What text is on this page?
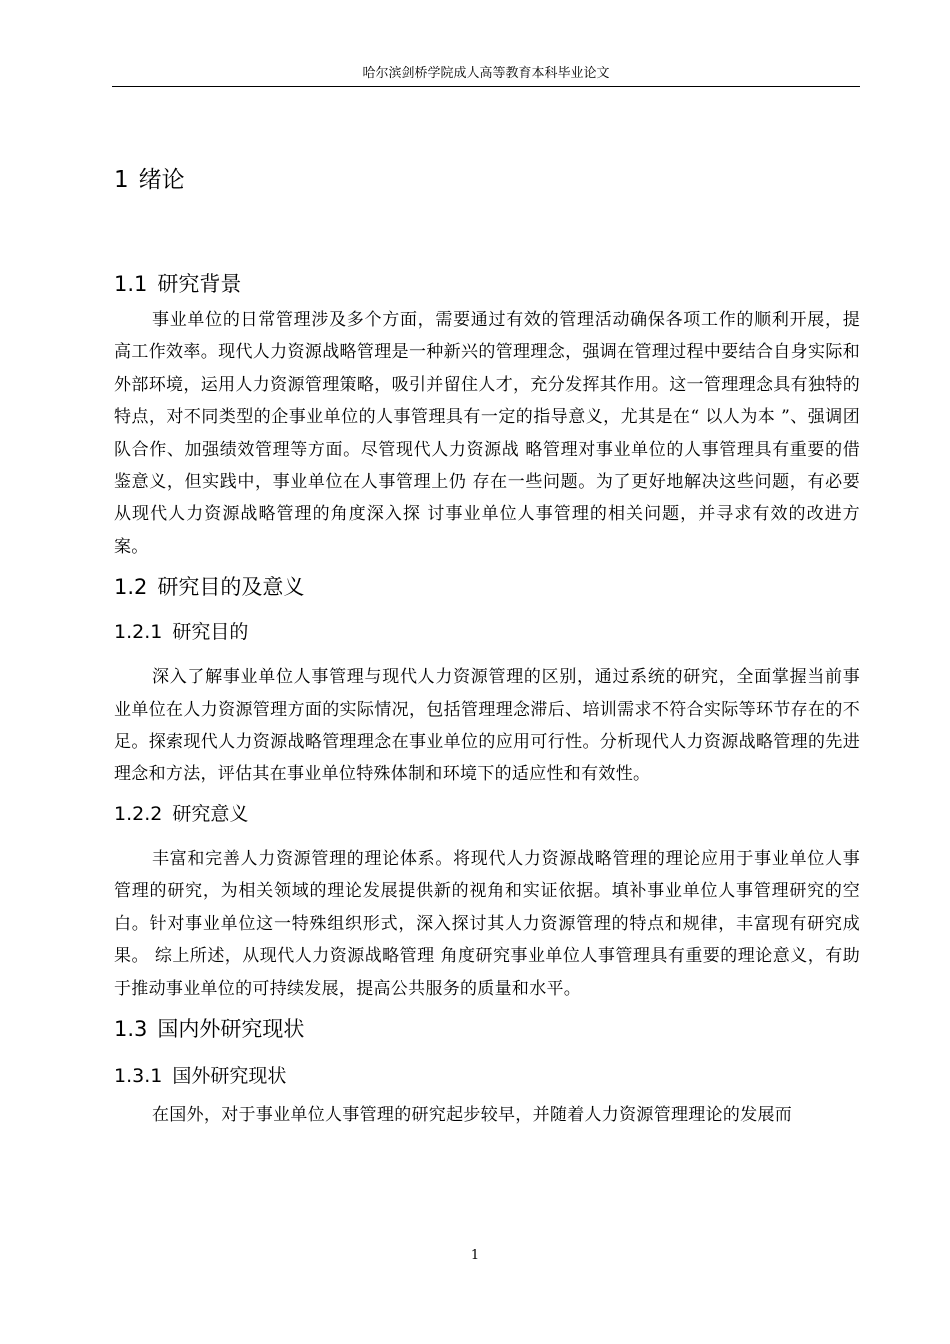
哈尔滨剑桥学院成人高等教育本科毕业论文
1 绪论
1.1 研究背景

事业单位的日常管理涉及多个方面，需要通过有效的管理活动确保各项工作的顺利开展，提高工作效率。现代人力资源战略管理是一种新兴的管理理念，强调在管理过程中要结合自身实际和外部环境，运用人力资源管理策略，吸引并留住人才，充分发挥其作用。这一管理理念具有独特的特点，对不同类型的企事业单位的人事管理具有一定的指导意义，尤其是在“ 以人为本 ”、强调团队合作、加强绩效管理等方面。尽管现代人力资源战 略管理对事业单位的人事管理具有重要的借鉴意义，但实践中，事业单位在人事管理上仍 存在一些问题。为了更好地解决这些问题，有必要从现代人力资源战略管理的角度深入探 讨事业单位人事管理的相关问题，并寻求有效的改进方案。

1.2 研究目的及意义
1.2.1 研究目的

深入了解事业单位人事管理与现代人力资源管理的区别，通过系统的研究，全面掌握当前事业单位在人力资源管理方面的实际情况，包括管理理念滞后、培训需求不符合实际等环节存在的不足。探索现代人力资源战略管理理念在事业单位的应用可行性。分析现代人力资源战略管理的先进理念和方法，评估其在事业单位特殊体制和环境下的适应性和有效性。

1.2.2 研究意义

丰富和完善人力资源管理的理论体系。将现代人力资源战略管理的理论应用于事业单位人事管理的研究，为相关领域的理论发展提供新的视角和实证依据。填补事业单位人事管理研究的空白。针对事业单位这一特殊组织形式，深入探讨其人力资源管理的特点和规律，丰富现有研究成果。 综上所述，从现代人力资源战略管理 角度研究事业单位人事管理具有重要的理论意义，有助于推动事业单位的可持续发展，提高公共服务的质量和水平。

1.3 国内外研究现状
1.3.1 国外研究现状

在国外，对于事业单位人事管理的研究起步较早，并随着人力资源管理理论的发展而

1
